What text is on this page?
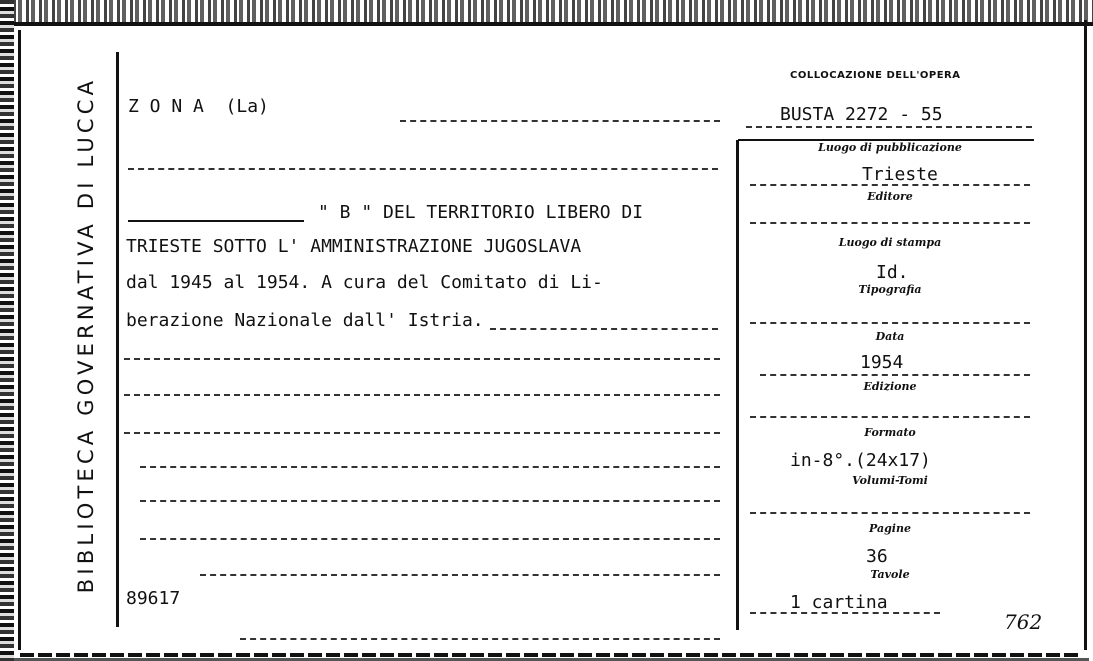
BIBLIOTECA GOVERNATIVA DI LUCCA Z O N A  (La)
" B " DEL TERRITORIO LIBERO DI
TRIESTE SOTTO L' AMMINISTRAZIONE JUGOSLAVA
dal 1945 al 1954. A cura del Comitato di Li-
berazione Nazionale dall' Istria.
89617
COLLOCAZIONE DELL'OPERA
BUSTA 2272 - 55
Luogo di pubblicazione
Trieste
Editore
Luogo di stampa
Id.
Tipografia
Data
1954
Edizione
Formato
in-8°.(24x17)
Volumi-Tomi
Pagine
36
Tavole
1 cartina
762
